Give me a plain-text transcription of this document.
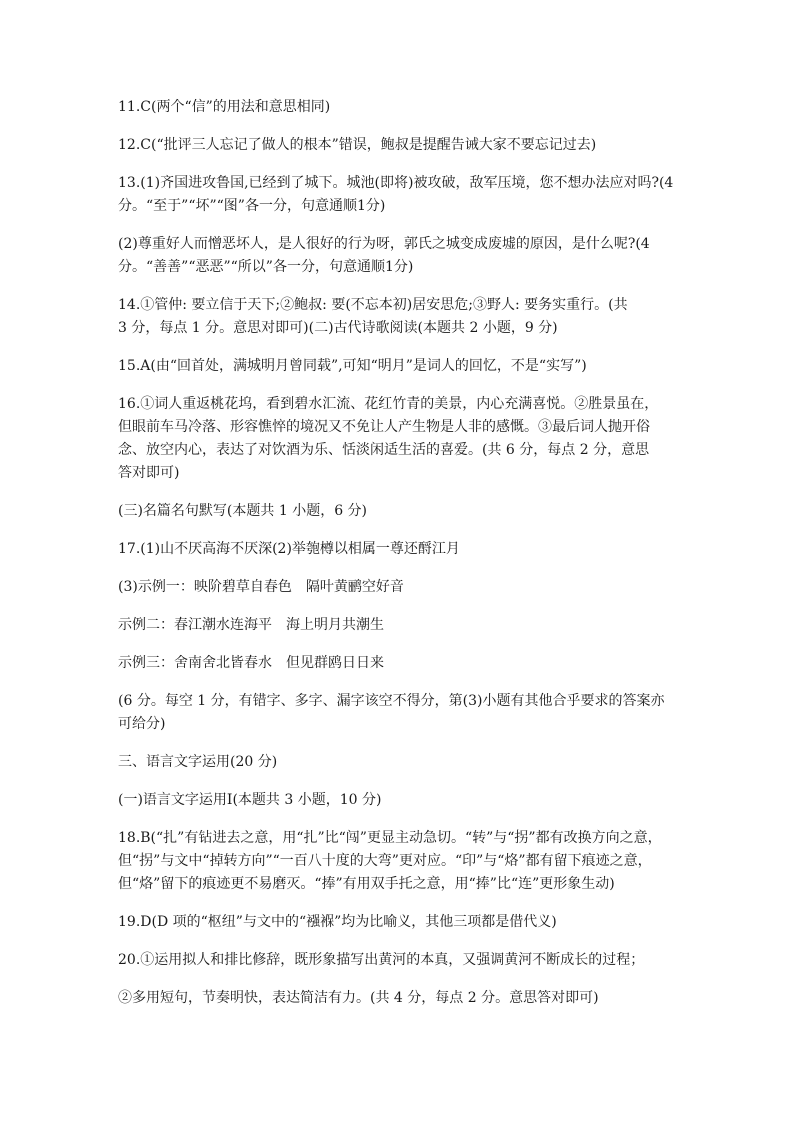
11.C(两个“信”的用法和意思相同)
12.C(“批评三人忘记了做人的根本”错误，鲍叔是提醒告诫大家不要忘记过去)
13.(1)齐国进攻鲁国,已经到了城下。城池(即将)被攻破，敌军压境，您不想办法应对吗?(4
分。“至于”“坏”“图”各一分，句意通顺1分)
(2)尊重好人而憎恶坏人，是人很好的行为呀，郭氏之城变成废墟的原因，是什么呢?(4
分。“善善”“恶恶”“所以”各一分，句意通顺1分)
14.①管仲: 要立信于天下;②鲍叔: 要(不忘本初)居安思危;③野人: 要务实重行。(共
3 分，每点 1 分。意思对即可)(二)古代诗歌阅读(本题共 2 小题，9 分)
15.A(由“回首处，满城明月曾同载”,可知“明月”是词人的回忆，不是“实写”)
16.①词人重返桃花坞，看到碧水汇流、花红竹青的美景，内心充满喜悦。②胜景虽在，
但眼前车马冷落、形容憔悴的境况又不免让人产生物是人非的感慨。③最后词人抛开俗
念、放空内心，表达了对饮酒为乐、恬淡闲适生活的喜爱。(共 6 分，每点 2 分，意思
答对即可)
(三)名篇名句默写(本题共 1 小题，6 分)
17.(1)山不厌高海不厌深(2)举匏樽以相属一尊还酹江月
(3)示例一：映阶碧草自春色　隔叶黄鹂空好音
示例二：春江潮水连海平　海上明月共潮生
示例三：舍南舍北皆春水　但见群鸥日日来
(6 分。每空 1 分，有错字、多字、漏字该空不得分，第(3)小题有其他合乎要求的答案亦
可给分)
三、语言文字运用(20 分)
(一)语言文字运用Ⅰ(本题共 3 小题，10 分)
18.B(“扎”有钻进去之意，用“扎”比“闯”更显主动急切。“转”与“拐”都有改换方向之意，
但“拐”与文中“掉转方向”“一百八十度的大弯”更对应。“印”与“烙”都有留下痕迹之意，
但“烙”留下的痕迹更不易磨灭。“捧”有用双手托之意，用“捧”比“连”更形象生动)
19.D(D 项的“枢纽”与文中的“襁褓”均为比喻义，其他三项都是借代义)
20.①运用拟人和排比修辞，既形象描写出黄河的本真，又强调黄河不断成长的过程；
②多用短句，节奏明快，表达简洁有力。(共 4 分，每点 2 分。意思答对即可)
